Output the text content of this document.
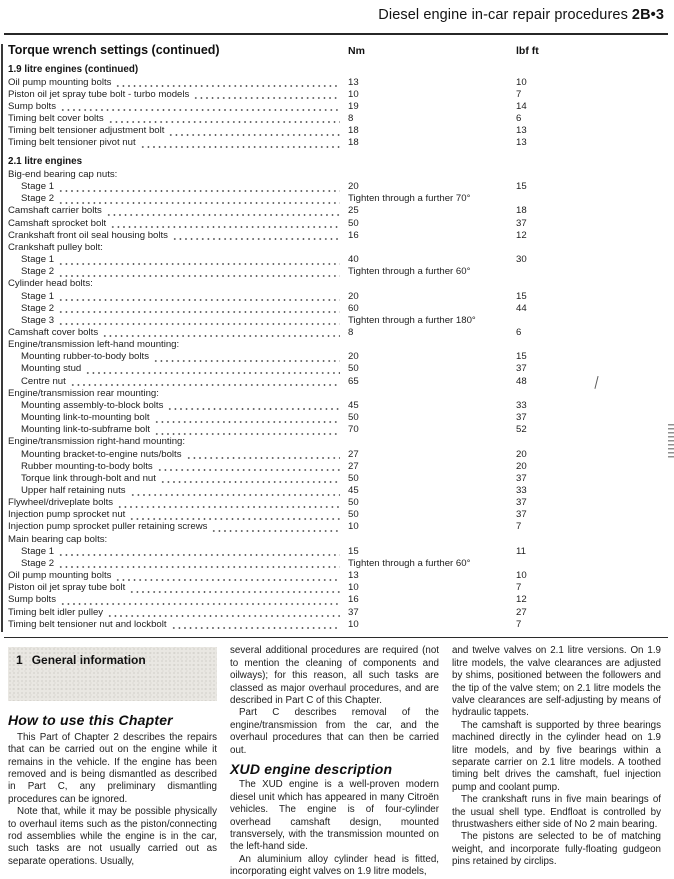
Diesel engine in-car repair procedures 2B•3
Torque wrench settings (continued)	Nm	lbf ft
1.9 litre engines (continued)
Oil pump mounting bolts	13	10
Piston oil jet spray tube bolt - turbo models	10	7
Sump bolts	19	14
Timing belt cover bolts	8	6
Timing belt tensioner adjustment bolt	18	13
Timing belt tensioner pivot nut	18	13
2.1 litre engines
Big-end bearing cap nuts:
Stage 1	20	15
Stage 2	Tighten through a further 70°
Camshaft carrier bolts	25	18
Camshaft sprocket bolt	50	37
Crankshaft front oil seal housing bolts	16	12
Crankshaft pulley bolt:
Stage 1	40	30
Stage 2	Tighten through a further 60°
Cylinder head bolts:
Stage 1	20	15
Stage 2	60	44
Stage 3	Tighten through a further 180°
Camshaft cover bolts	8	6
Engine/transmission left-hand mounting:
Mounting rubber-to-body bolts	20	15
Mounting stud	50	37
Centre nut	65	48
Engine/transmission rear mounting:
Mounting assembly-to-block bolts	45	33
Mounting link-to-mounting bolt	50	37
Mounting link-to-subframe bolt	70	52
Engine/transmission right-hand mounting:
Mounting bracket-to-engine nuts/bolts	27	20
Rubber mounting-to-body bolts	27	20
Torque link through-bolt and nut	50	37
Upper half retaining nuts	45	33
Flywheel/driveplate bolts	50	37
Injection pump sprocket nut	50	37
Injection pump sprocket puller retaining screws	10	7
Main bearing cap bolts:
Stage 1	15	11
Stage 2	Tighten through a further 60°
Oil pump mounting bolts	13	10
Piston oil jet spray tube bolt	10	7
Sump bolts	16	12
Timing belt idler pulley	37	27
Timing belt tensioner nut and lockbolt	10	7
1 General information
How to use this Chapter

This Part of Chapter 2 describes the repairs that can be carried out on the engine while it remains in the vehicle. If the engine has been removed and is being dismantled as described in Part C, any preliminary dismantling procedures can be ignored.

Note that, while it may be possible physically to overhaul items such as the piston/connecting rod assemblies while the engine is in the car, such tasks are not usually carried out as separate operations. Usually,

several additional procedures are required (not to mention the cleaning of components and oilways); for this reason, all such tasks are classed as major overhaul procedures, and are described in Part C of this Chapter.

Part C describes removal of the engine/transmission from the car, and the overhaul procedures that can then be carried out.

XUD engine description

The XUD engine is a well-proven modern diesel unit which has appeared in many Citroën vehicles. The engine is of four-cylinder overhead camshaft design, mounted transversely, with the transmission mounted on the left-hand side.

An aluminium alloy cylinder head is fitted, incorporating eight valves on 1.9 litre models,

and twelve valves on 2.1 litre versions. On 1.9 litre models, the valve clearances are adjusted by shims, positioned between the followers and the tip of the valve stem; on 2.1 litre models the valve clearances are self-adjusting by means of hydraulic tappets.

The camshaft is supported by three bearings machined directly in the cylinder head on 1.9 litre models, and by five bearings within a separate carrier on 2.1 litre models. A toothed timing belt drives the camshaft, fuel injection pump and coolant pump.

The crankshaft runs in five main bearings of the usual shell type. Endfloat is controlled by thrustwashers either side of No 2 main bearing.

The pistons are selected to be of matching weight, and incorporate fully-floating gudgeon pins retained by circlips.
